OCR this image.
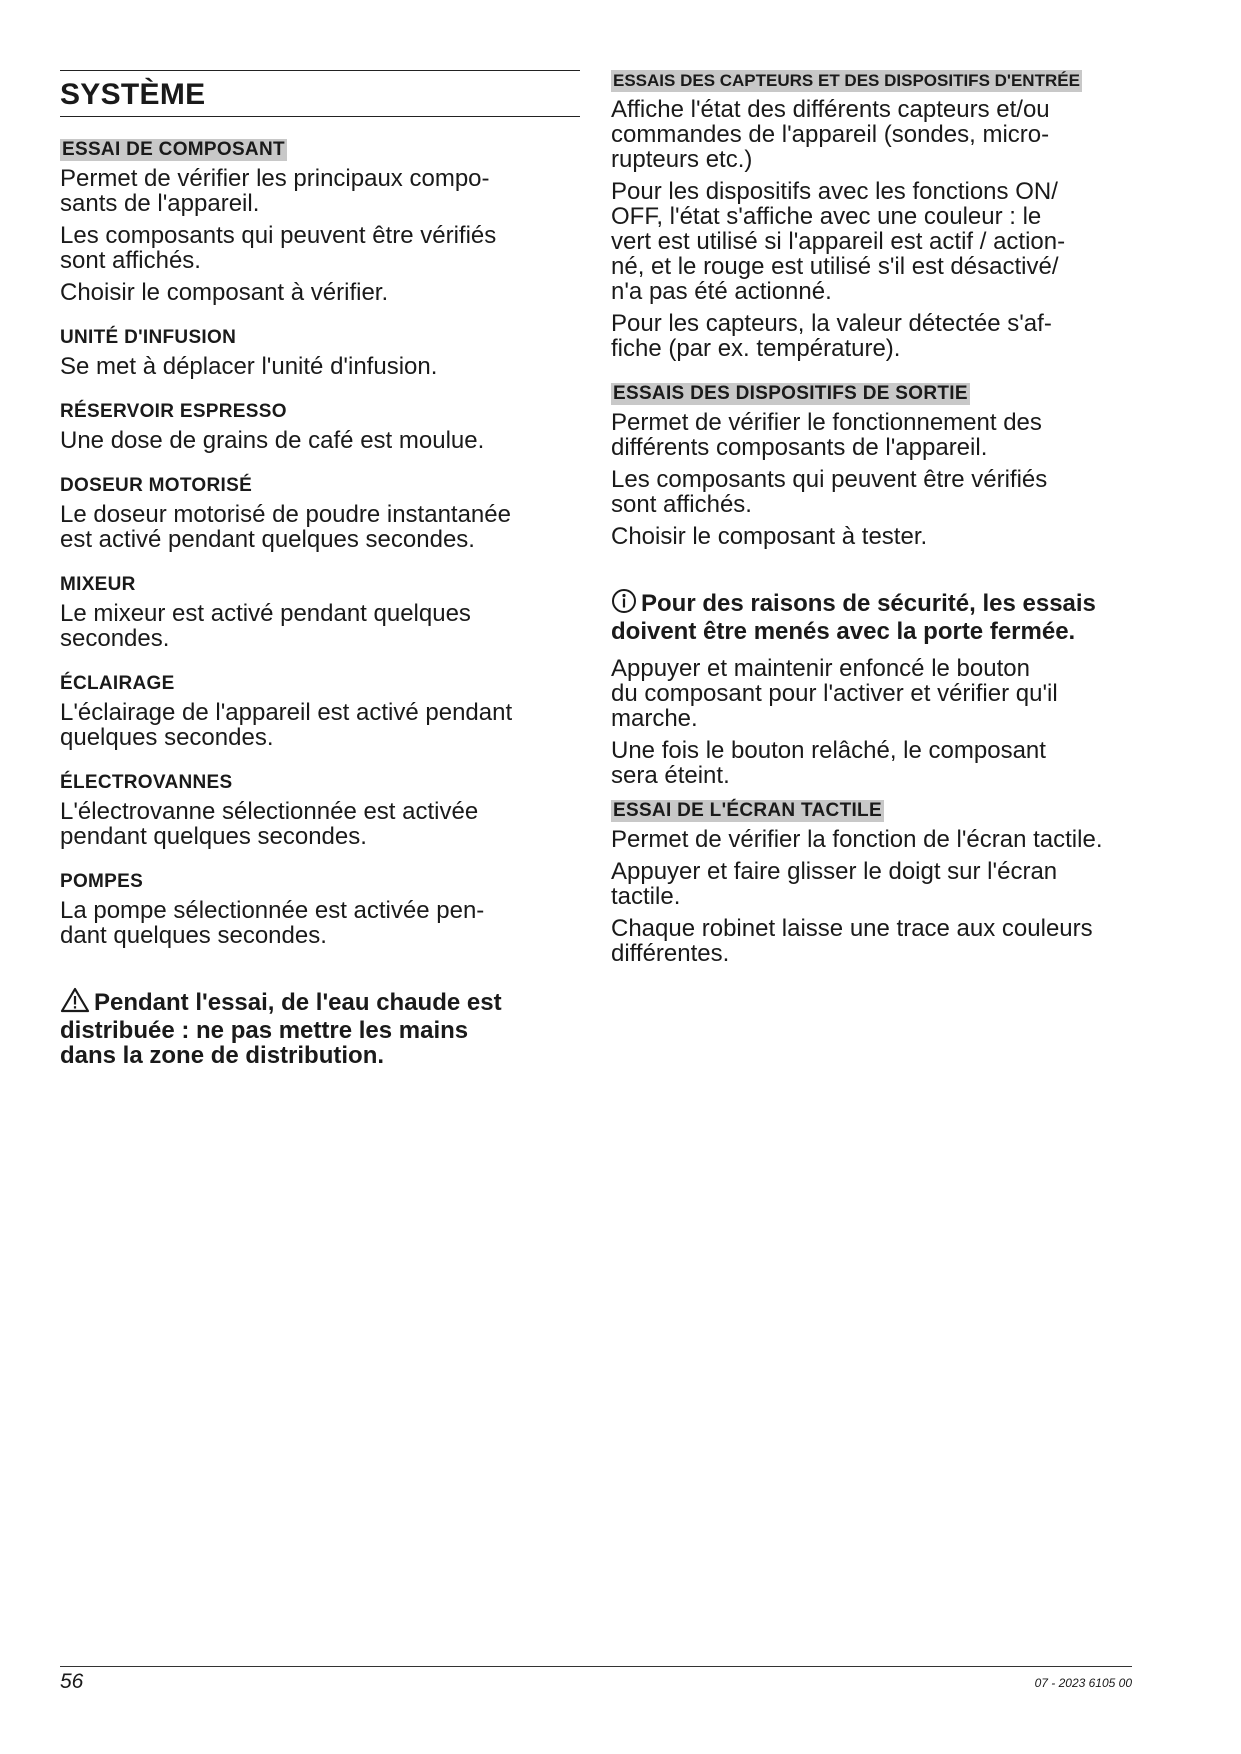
SYSTÈME
ESSAI DE COMPOSANT
Permet de vérifier les principaux compo-
sants de l'appareil.
Les composants qui peuvent être vérifiés
sont affichés.
Choisir le composant à vérifier.
UNITÉ D'INFUSION
Se met à déplacer l'unité d'infusion.
RÉSERVOIR ESPRESSO
Une dose de grains de café est moulue.
DOSEUR MOTORISÉ
Le doseur motorisé de poudre instantanée
est activé pendant quelques secondes.
MIXEUR
Le mixeur est activé pendant quelques
secondes.
ÉCLAIRAGE
L'éclairage de l'appareil est activé pendant
quelques secondes.
ÉLECTROVANNES
L'électrovanne sélectionnée est activée
pendant quelques secondes.
POMPES
La pompe sélectionnée est activée pen-
dant quelques secondes.

Pendant l'essai, de l'eau chaude est
distribuée : ne pas mettre les mains
dans la zone de distribution.

ESSAIS DES CAPTEURS ET DES DISPOSITIFS D'ENTRÉE
Affiche l'état des différents capteurs et/ou
commandes de l'appareil (sondes, micro-
rupteurs etc.)
Pour les dispositifs avec les fonctions ON/
OFF, l'état s'affiche avec une couleur : le
vert est utilisé si l'appareil est actif / action-
né, et le rouge est utilisé s'il est désactivé/
n'a pas été actionné.
Pour les capteurs, la valeur détectée s'af-
fiche (par ex. température).
ESSAIS DES DISPOSITIFS DE SORTIE
Permet de vérifier le fonctionnement des
différents composants de l'appareil.
Les composants qui peuvent être vérifiés
sont affichés.
Choisir le composant à tester.

Pour des raisons de sécurité, les essais
doivent être menés avec la porte fermée.

Appuyer et maintenir enfoncé le bouton
du composant pour l'activer et vérifier qu'il
marche.
Une fois le bouton relâché, le composant
sera éteint.
ESSAI DE L'ÉCRAN TACTILE
Permet de vérifier la fonction de l'écran tactile.
Appuyer et faire glisser le doigt sur l'écran
tactile.
Chaque robinet laisse une trace aux couleurs
différentes.
56	07 - 2023 6105 00
